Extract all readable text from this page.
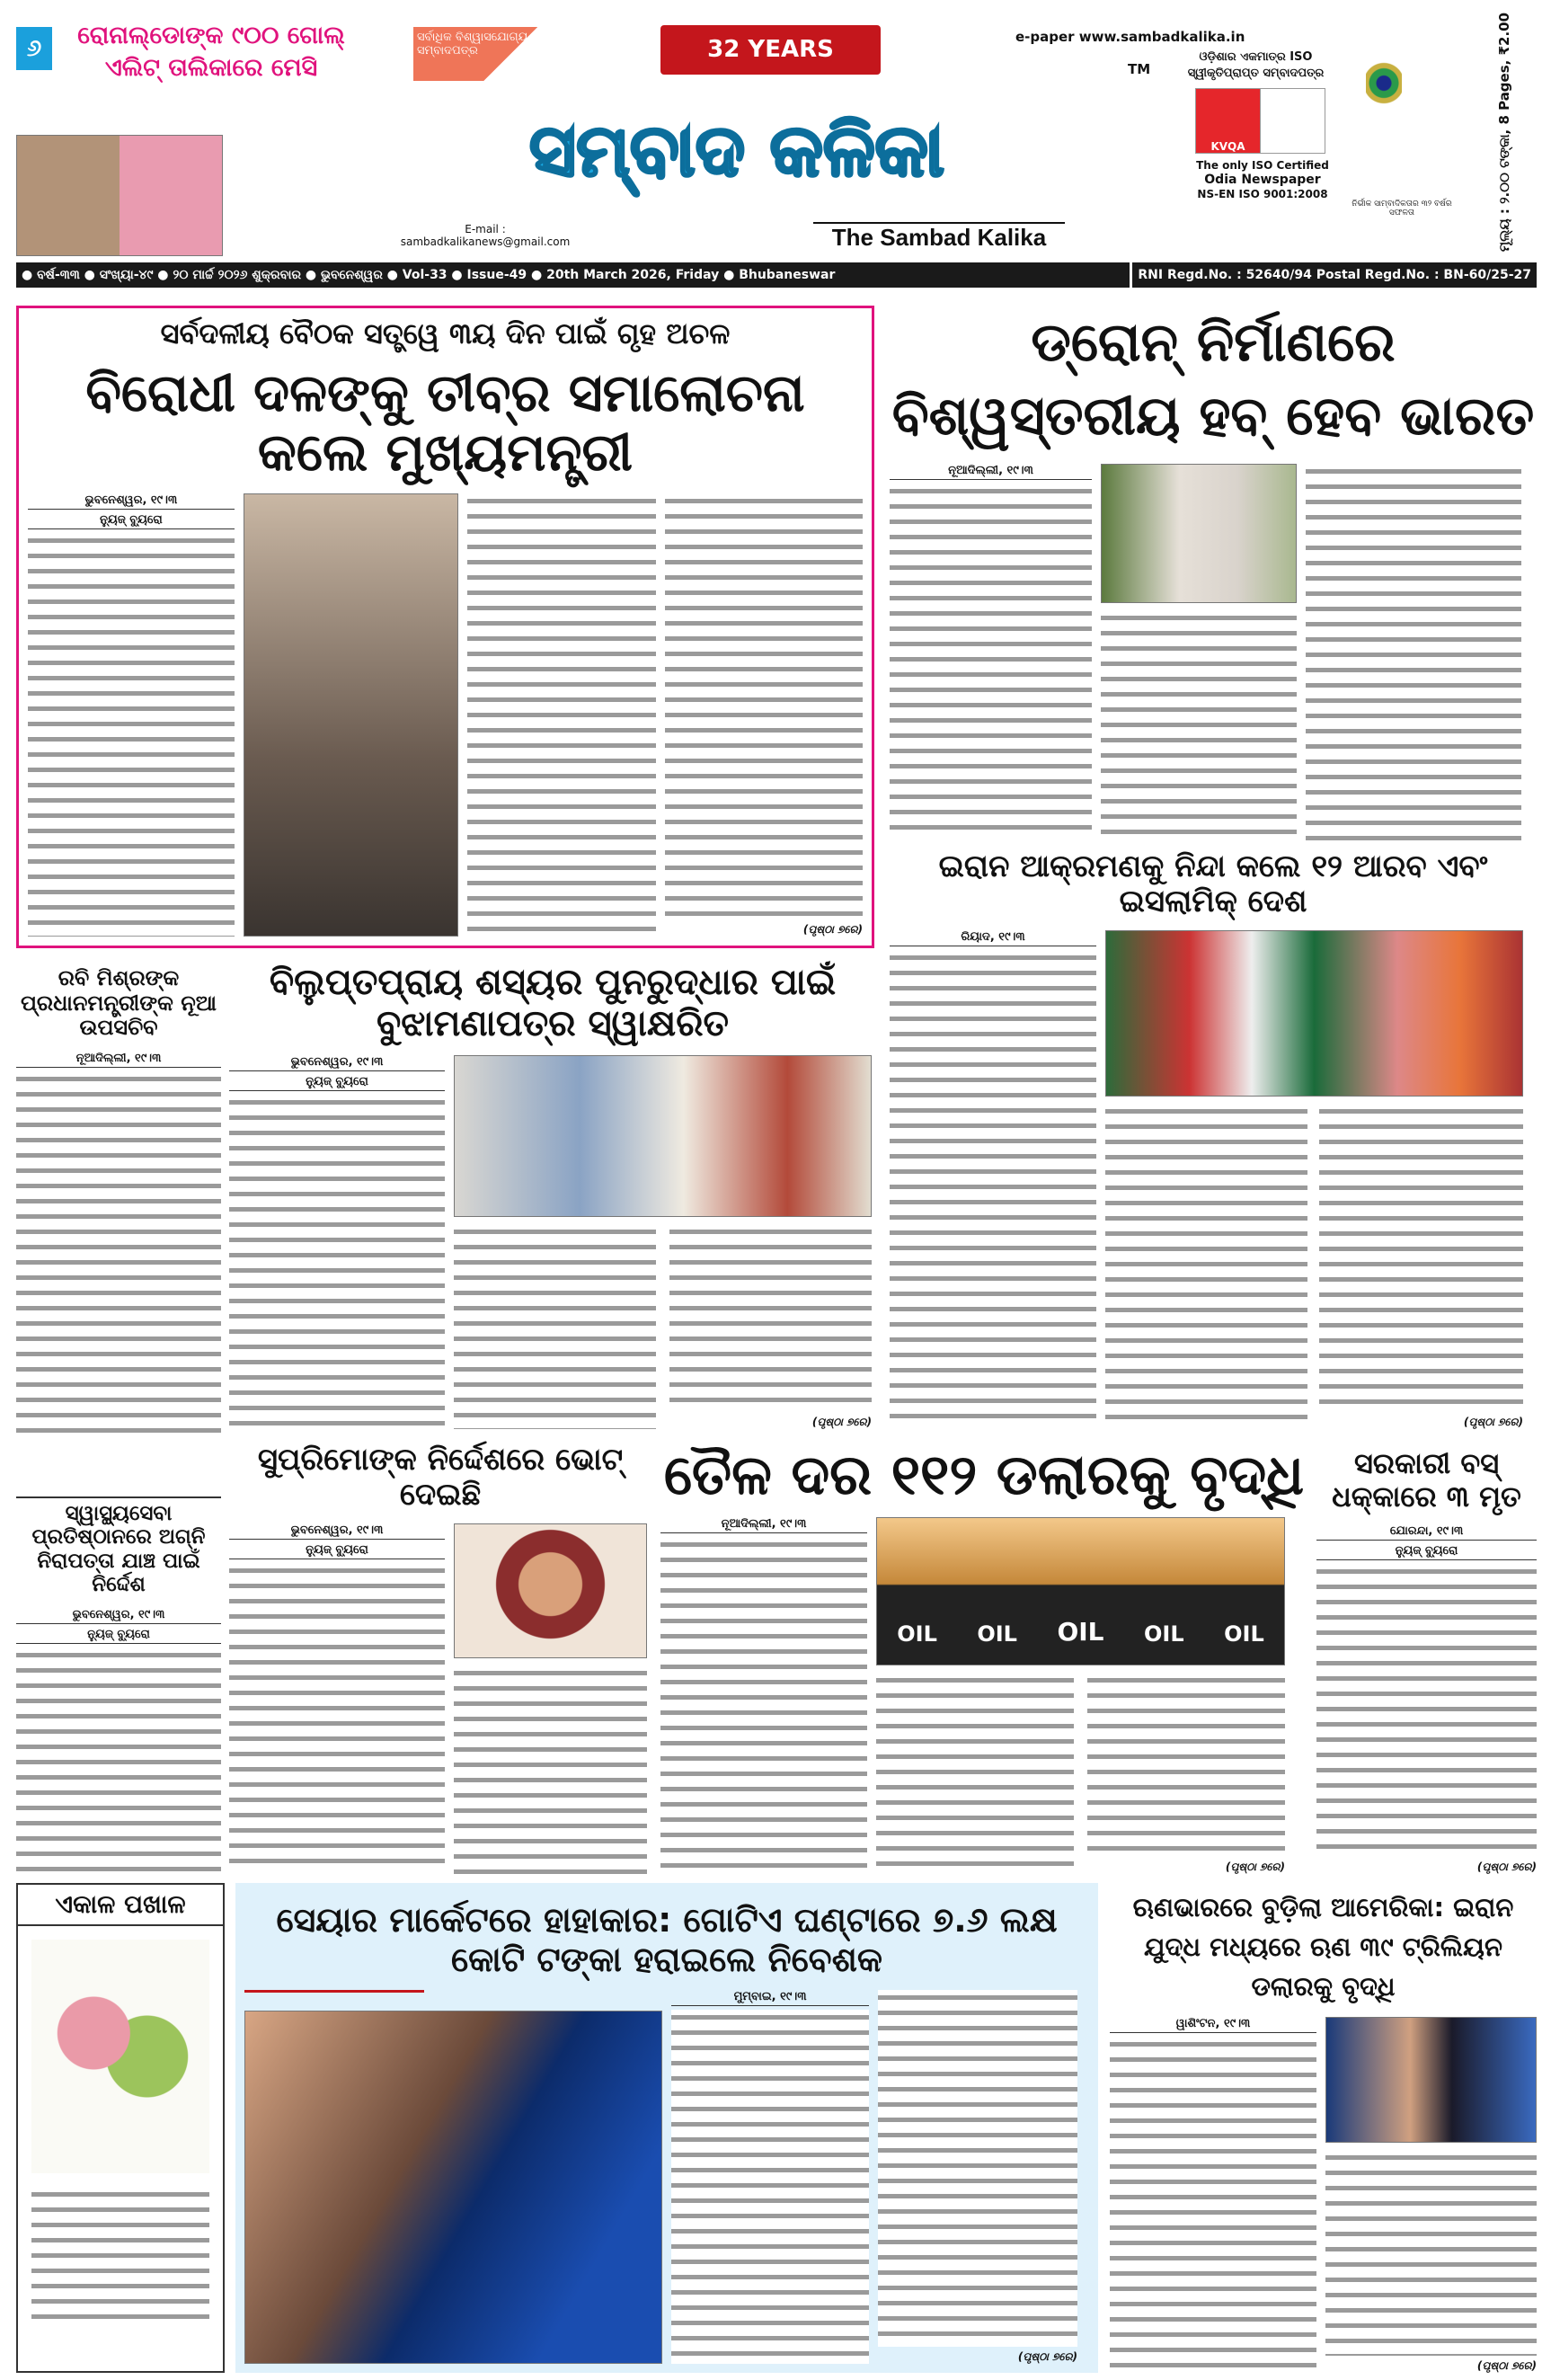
୬	ରୋନାଲ୍ଡୋଙ୍କ ୯୦୦ ଗୋଲ୍ ଏଲିଟ୍ ତାଲିକାରେ ମେସି
ସର୍ବାଧିକ ବିଶ୍ୱାସଯୋଗ୍ୟ ସମ୍ବାଦପତ୍ର	32 YEARS
ସମ୍ବାଦ କଳିକା
E-mail :
sambadkalikanews@gmail.com	The Sambad Kalika
e-paper www.sambadkalika.in
TM
ଓଡ଼ିଶାର ଏକମାତ୍ର ISO ସ୍ୱୀକୃତିପ୍ରାପ୍ତ ସମ୍ବାଦପତ୍ର
KVQA
The only ISO Certified
Odia Newspaper
NS-EN ISO 9001:2008
ନିର୍ଭୀକ ସାମ୍ବାଦିକତାର ୩୨ ବର୍ଷର ସଫଳତା	ମୂଲ୍ୟ : ୨.୦୦ ଟଙ୍କା, 8 Pages, ₹2.00
● ବର୍ଷ-୩୩ ● ସଂଖ୍ୟା-୪୯ ● ୨୦ ମାର୍ଚ୍ଚ ୨୦୨୬ ଶୁକ୍ରବାର ● ଭୁବନେଶ୍ୱର ● Vol-33 ● Issue-49 ● 20th March 2026, Friday ● Bhubaneswar	RNI Regd.No. : 52640/94 Postal Regd.No. : BN-60/25-27
ସର୍ବଦଳୀୟ ବୈଠକ ସତ୍ତ୍ୱେ ୩ୟ ଦିନ ପାଇଁ ଗୃହ ଅଚଳ
ବିରୋଧୀ ଦଳଙ୍କୁ ତୀବ୍ର ସମାଲୋଚନା କଲେ ମୁଖ୍ୟମନ୍ତ୍ରୀ
ଭୁବନେଶ୍ୱର, ୧୯।୩
ନ୍ୟୁଜ୍ ବ୍ୟୁରୋ
(ପୃଷ୍ଠା ୭ରେ)
ଡ୍ରୋନ୍ ନିର୍ମାଣରେ ବିଶ୍ୱସ୍ତରୀୟ ହବ୍ ହେବ ଭାରତ
ନୂଆଦିଲ୍ଲୀ, ୧୯।୩
ଇରାନ ଆକ୍ରମଣକୁ ନିନ୍ଦା କଲେ ୧୨ ଆରବ ଏବଂ ଇସଲାମିକ୍ ଦେଶ
ରିୟାଦ, ୧୯।୩
(ପୃଷ୍ଠା ୭ରେ)
ରବି ମିଶ୍ରଙ୍କ ପ୍ରଧାନମନ୍ତ୍ରୀଙ୍କ ନୂଆ ଉପସଚିବ
ନୂଆଦିଲ୍ଲୀ, ୧୯।୩
ବିଲୁପ୍ତପ୍ରାୟ ଶସ୍ୟର ପୁନରୁଦ୍ଧାର ପାଇଁ ବୁଝାମଣାପତ୍ର ସ୍ୱାକ୍ଷରିତ
ଭୁବନେଶ୍ୱର, ୧୯।୩
ନ୍ୟୁଜ୍ ବ୍ୟୁରୋ
(ପୃଷ୍ଠା ୭ରେ)
ସ୍ୱାସ୍ଥ୍ୟସେବା ପ୍ରତିଷ୍ଠାନରେ ଅଗ୍ନି ନିରାପତ୍ତା ଯାଞ୍ଚ ପାଇଁ ନିର୍ଦ୍ଦେଶ
ଭୁବନେଶ୍ୱର, ୧୯।୩
ନ୍ୟୁଜ୍ ବ୍ୟୁରୋ
ସୁପ୍ରିମୋଙ୍କ ନିର୍ଦ୍ଦେଶରେ ଭୋଟ୍ ଦେଇଛି
ଭୁବନେଶ୍ୱର, ୧୯।୩
ନ୍ୟୁଜ୍ ବ୍ୟୁରୋ
ତୈଳ ଦର ୧୧୨ ଡଲାରକୁ ବୃଦ୍ଧି
ନୂଆଦିଲ୍ଲୀ, ୧୯।୩
OIL OIL OIL OIL OIL
(ପୃଷ୍ଠା ୭ରେ)
ସରକାରୀ ବସ୍ ଧକ୍କାରେ ୩ ମୃତ
ଯୋରନ୍ଦା, ୧୯।୩
ନ୍ୟୁଜ୍ ବ୍ୟୁରୋ
(ପୃଷ୍ଠା ୭ରେ)
ଏକାଳ ପଖାଳ	ସେୟାର ମାର୍କେଟରେ ହାହାକାର: ଗୋଟିଏ ଘଣ୍ଟାରେ ୭.୬ ଲକ୍ଷ କୋଟି ଟଙ୍କା ହରାଇଲେ ନିବେଶକ
ମୁମ୍ବାଇ, ୧୯।୩
(ପୃଷ୍ଠା ୭ରେ)
ଋଣଭାରରେ ବୁଡ଼ିଲା ଆମେରିକା: ଇରାନ ଯୁଦ୍ଧ ମଧ୍ୟରେ ଋଣ ୩୯ ଟ୍ରିଲିୟନ ଡଲାରକୁ ବୃଦ୍ଧି
ୱାଶିଂଟନ, ୧୯।୩
(ପୃଷ୍ଠା ୭ରେ)
